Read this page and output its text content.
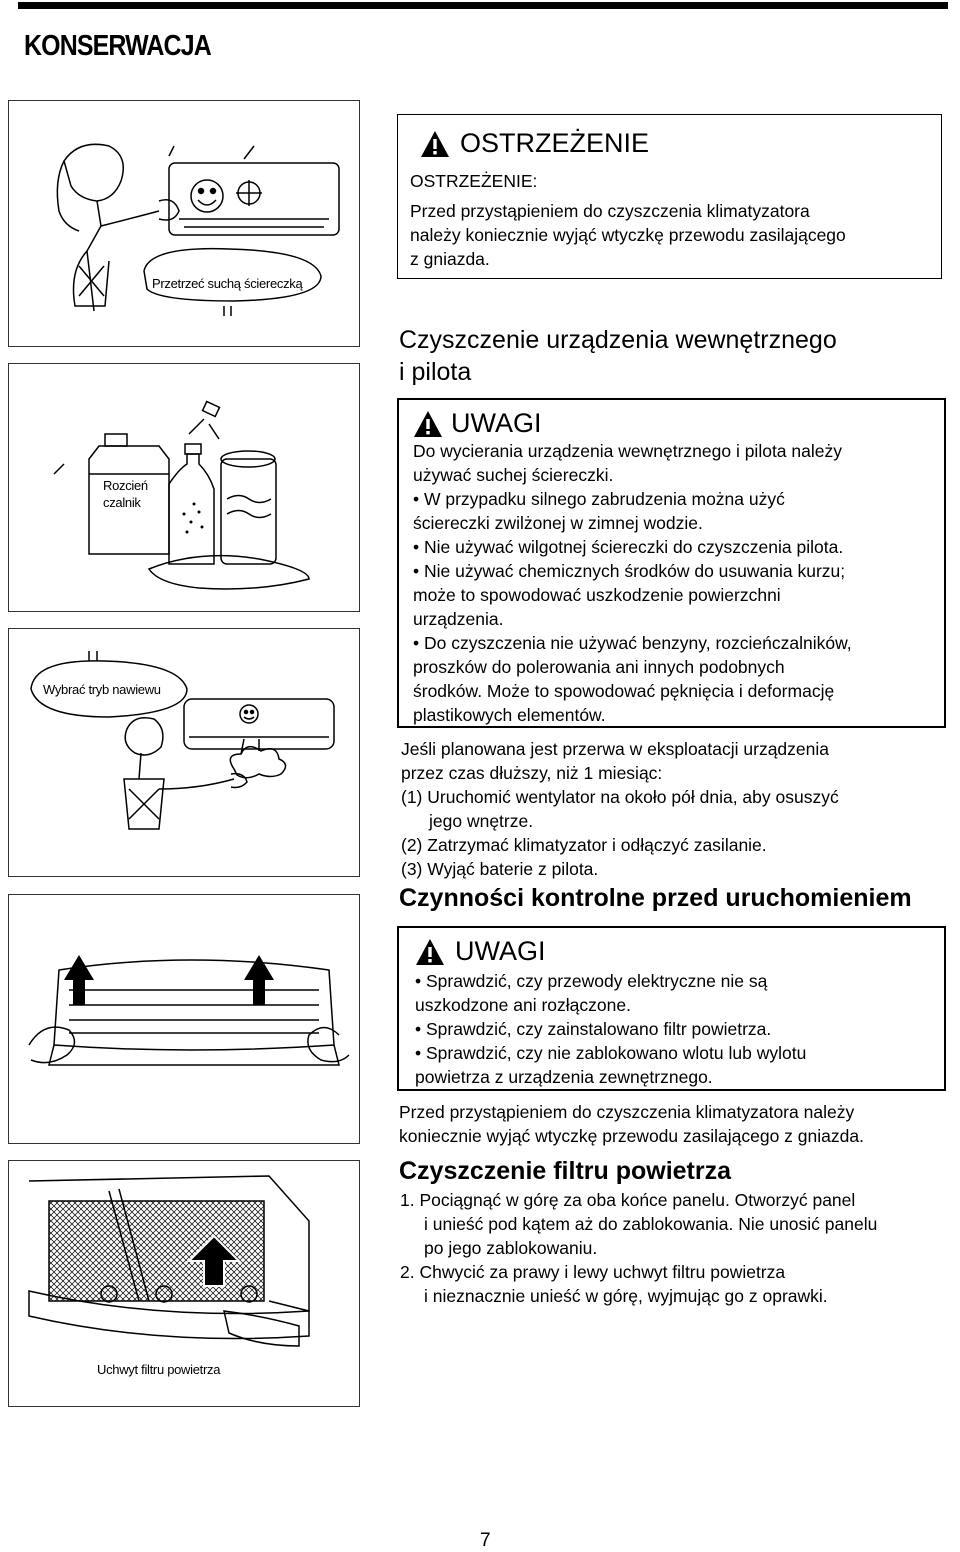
KONSERWACJA
Przetrzeć suchą ściereczką
Rozcień
czalnik
Wybrać tryb nawiewu
Uchwyt filtru powietrza
OSTRZEŻENIE
OSTRZEŻENIE:
Przed przystąpieniem do czyszczenia klimatyzatora
należy koniecznie wyjąć wtyczkę przewodu zasilającego
z gniazda.
Czyszczenie urządzenia wewnętrznego
i pilota
UWAGI
Do wycierania urządzenia wewnętrznego i pilota należy
używać suchej ściereczki.
• W przypadku silnego zabrudzenia można użyć
ściereczki zwilżonej w zimnej wodzie.
• Nie używać wilgotnej ściereczki do czyszczenia pilota.
• Nie używać chemicznych środków do usuwania kurzu;
może to spowodować uszkodzenie powierzchni
urządzenia.
• Do czyszczenia nie używać benzyny, rozcieńczalników,
proszków do polerowania ani innych podobnych
środków. Może to spowodować pęknięcia i deformację
plastikowych elementów.
Jeśli planowana jest przerwa w eksploatacji urządzenia
przez czas dłuższy, niż 1 miesiąc:
(1) Uruchomić wentylator na około pół dnia, aby osuszyć
jego wnętrze.
(2) Zatrzymać klimatyzator i odłączyć zasilanie.
(3) Wyjąć baterie z pilota.
Czynności kontrolne przed uruchomieniem
UWAGI
• Sprawdzić, czy przewody elektryczne nie są
uszkodzone ani rozłączone.
• Sprawdzić, czy zainstalowano filtr powietrza.
• Sprawdzić, czy nie zablokowano wlotu lub wylotu
powietrza z urządzenia zewnętrznego.
Przed przystąpieniem do czyszczenia klimatyzatora należy
koniecznie wyjąć wtyczkę przewodu zasilającego z gniazda.
Czyszczenie filtru powietrza
1. Pociągnąć w górę za oba końce panelu. Otworzyć panel
i unieść pod kątem aż do zablokowania. Nie unosić panelu
po jego zablokowaniu.
2. Chwycić za prawy i lewy uchwyt filtru powietrza
i nieznacznie unieść w górę, wyjmując go z oprawki.
7
